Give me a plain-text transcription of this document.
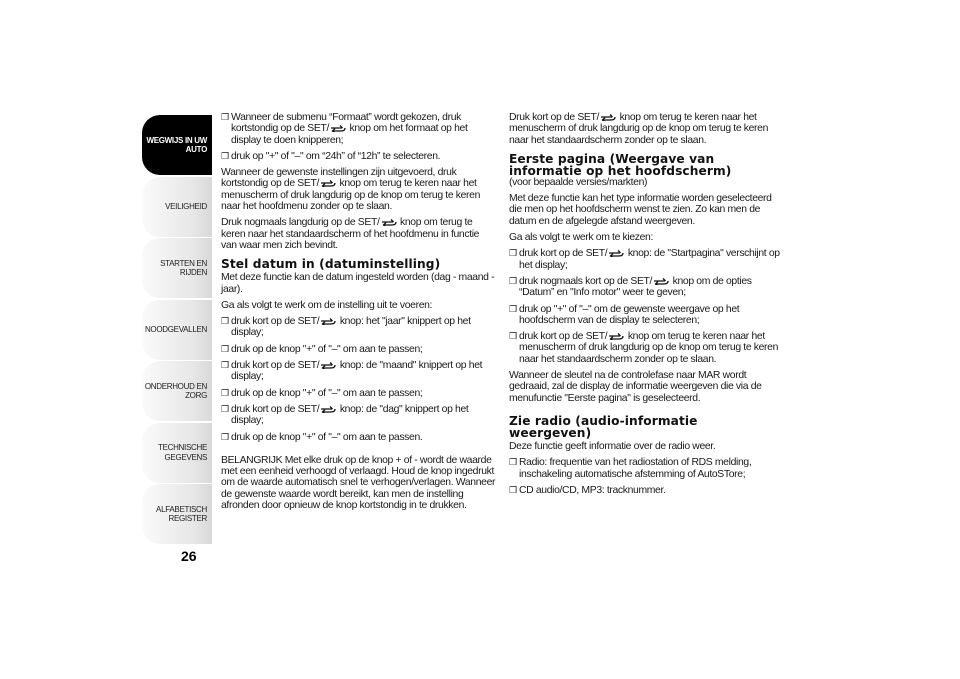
WEGWIJS IN UW
AUTO
VEILIGHEID
STARTEN EN RIJDEN
NOODGEVALLEN
ONDERHOUD EN
ZORG
TECHNISCHE
GEGEVENS
ALFABETISCH
REGISTER
26

❒ Wanneer de submenu “Formaat” wordt gekozen, druk kortstondig op de SET/ knop om het formaat op het display te doen knipperen;

❒ druk op "+" of "–" om “24h” of “12h” te selecteren.

Wanneer de gewenste instellingen zijn uitgevoerd, druk kortstondig op de SET/ knop om terug te keren naar het menuscherm of druk langdurig op de knop om terug te keren naar het hoofdmenu zonder op te slaan.

Druk nogmaals langdurig op de SET/ knop om terug te keren naar het standaardscherm of het hoofdmenu in functie van waar men zich bevindt.

Stel datum in (datuminstelling)

Met deze functie kan de datum ingesteld worden (dag - maand - jaar).

Ga als volgt te werk om de instelling uit te voeren:

❒ druk kort op de SET/ knop: het "jaar" knippert op het display;

❒ druk op de knop "+" of "–" om aan te passen;

❒ druk kort op de SET/ knop: de "maand" knippert op het display;

❒ druk op de knop "+" of "–" om aan te passen;

❒ druk kort op de SET/ knop: de "dag" knippert op het display;

❒ druk op de knop "+" of "–" om aan te passen.

BELANGRIJK Met elke druk op de knop + of - wordt de waarde met een eenheid verhoogd of verlaagd. Houd de knop ingedrukt om de waarde automatisch snel te verhogen/verlagen. Wanneer de gewenste waarde wordt bereikt, kan men de instelling afronden door opnieuw de knop kortstondig in te drukken.

Druk kort op de SET/ knop om terug te keren naar het menuscherm of druk langdurig op de knop om terug te keren naar het standaardscherm zonder op te slaan.

Eerste pagina (Weergave van informatie op het hoofdscherm)

(voor bepaalde versies/markten)

Met deze functie kan het type informatie worden geselecteerd die men op het hoofdscherm wenst te zien. Zo kan men de datum en de afgelegde afstand weergeven.

Ga als volgt te werk om te kiezen:

❒ druk kort op de SET/ knop: de "Startpagina" verschijnt op het display;

❒ druk nogmaals kort op de SET/ knop om de opties “Datum” en "Info motor" weer te geven;

❒ druk op "+" of "–" om de gewenste weergave op het hoofdscherm van de display te selecteren;

❒ druk kort op de SET/ knop om terug te keren naar het menuscherm of druk langdurig op de knop om terug te keren naar het standaardscherm zonder op te slaan.

Wanneer de sleutel na de controlefase naar MAR wordt gedraaid, zal de display de informatie weergeven die via de menufunctie "Eerste pagina" is geselecteerd.

Zie radio (audio-informatie weergeven)

Deze functie geeft informatie over de radio weer.

❒ Radio: frequentie van het radiostation of RDS melding, inschakeling automatische afstemming of AutoSTore;

❒ CD audio/CD, MP3: tracknummer.
